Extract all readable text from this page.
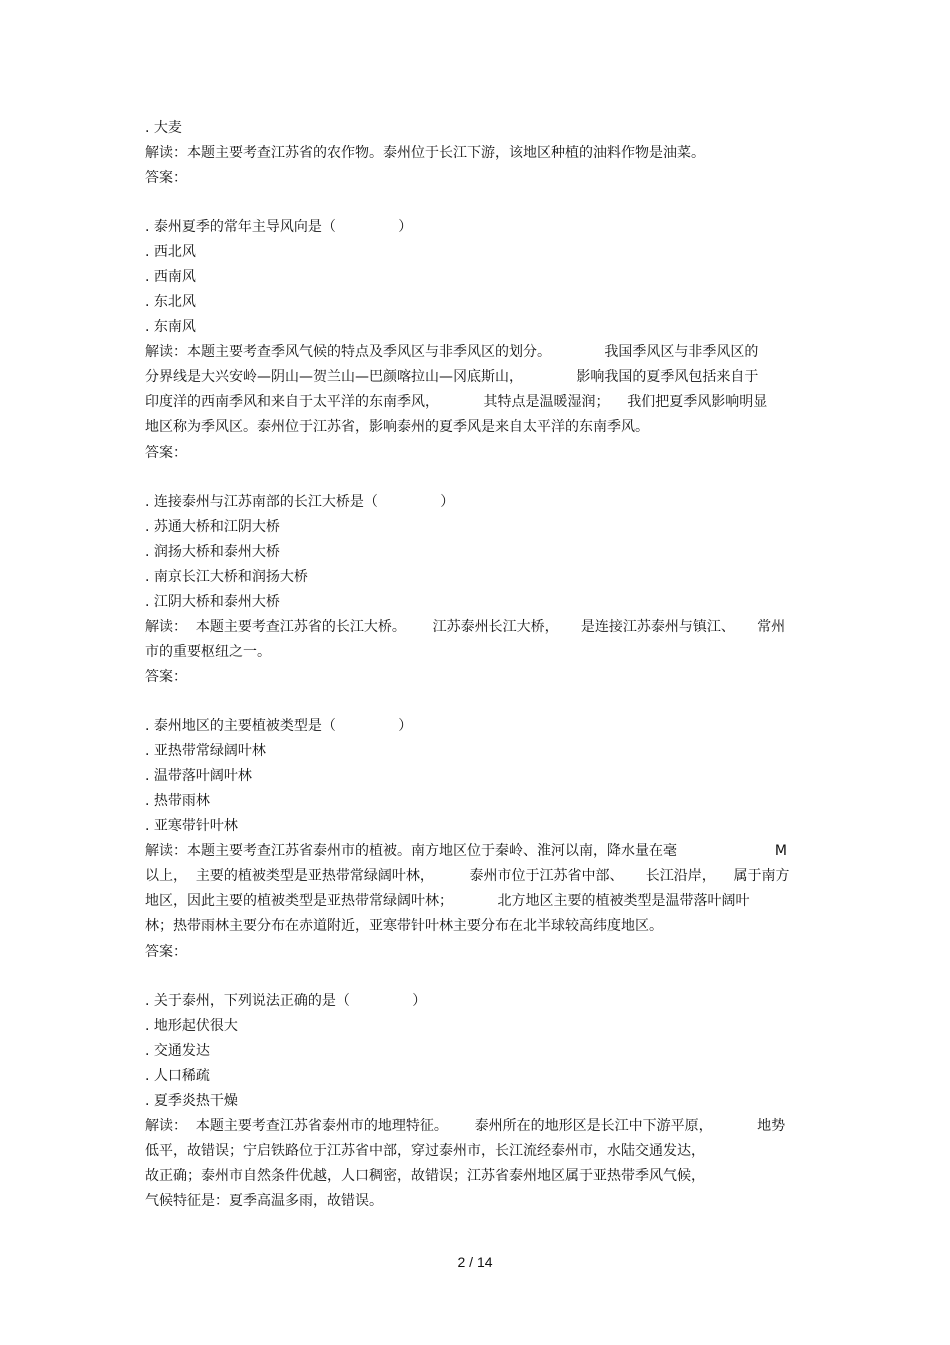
. 大麦
解读：本题主要考查江苏省的农作物。泰州位于长江下游，该地区种植的油料作物是油菜。
答案：
. 泰州夏季的常年主导风向是（              ）
. 西北风
. 西南风
. 东北风
. 东南风
解读：本题主要考查季风气候的特点及季风区与非季风区的划分。            我国季风区与非季风区的
分界线是大兴安岭—阴山—贺兰山—巴颜喀拉山—冈底斯山，            影响我国的夏季风包括来自于
印度洋的西南季风和来自于太平洋的东南季风，          其特点是温暖湿润；    我们把夏季风影响明显
地区称为季风区。泰州位于江苏省，影响泰州的夏季风是来自太平洋的东南季风。
答案：
. 连接泰州与江苏南部的长江大桥是（              ）
. 苏通大桥和江阴大桥
. 润扬大桥和泰州大桥
. 南京长江大桥和润扬大桥
. 江阴大桥和泰州大桥
解读：  本题主要考查江苏省的长江大桥。      江苏泰州长江大桥，     是连接江苏泰州与镇江、     常州
市的重要枢纽之一。
答案：
. 泰州地区的主要植被类型是（              ）
. 亚热带常绿阔叶林
. 温带落叶阔叶林
. 热带雨林
. 亚寒带针叶林
解读：本题主要考查江苏省泰州市的植被。南方地区位于秦岭、淮河以南，降水量在毫                      M
以上，  主要的植被类型是亚热带常绿阔叶林，        泰州市位于江苏省中部、     长江沿岸，    属于南方
地区，因此主要的植被类型是亚热带常绿阔叶林；          北方地区主要的植被类型是温带落叶阔叶
林；热带雨林主要分布在赤道附近，亚寒带针叶林主要分布在北半球较高纬度地区。
答案：
. 关于泰州，下列说法正确的是（              ）
. 地形起伏很大
. 交通发达
. 人口稀疏
. 夏季炎热干燥
解读：  本题主要考查江苏省泰州市的地理特征。      泰州所在的地形区是长江中下游平原，          地势
低平，故错误；宁启铁路位于江苏省中部，穿过泰州市，长江流经泰州市，水陆交通发达，
故正确；泰州市自然条件优越，人口稠密，故错误；江苏省泰州地区属于亚热带季风气候，
气候特征是：夏季高温多雨，故错误。
2 / 14
